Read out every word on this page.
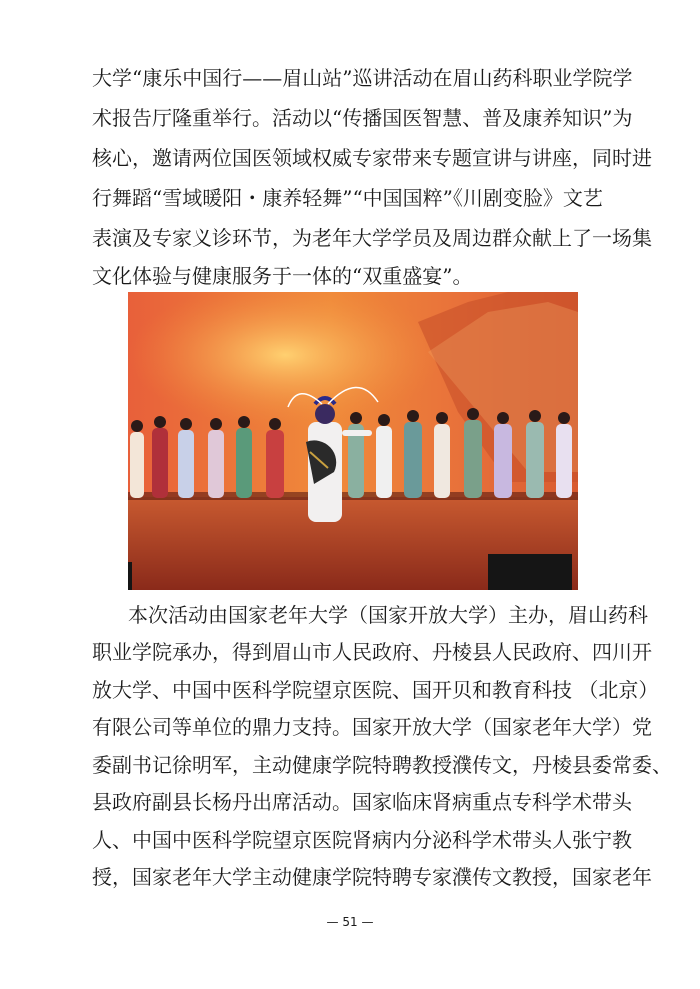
大学“康乐中国行——眉山站”巡讲活动在眉山药科职业学院学
术报告厅隆重举行。活动以“传播国医智慧、普及康养知识”为
核心，邀请两位国医领域权威专家带来专题宣讲与讲座，同时进
行舞蹈“雪域暖阳・康养轻舞”“中国国粹”《川剧变脸》文艺
表演及专家义诊环节，为老年大学学员及周边群众献上了一场集
文化体验与健康服务于一体的“双重盛宴”。
本次活动由国家老年大学（国家开放大学）主办，眉山药科
职业学院承办，得到眉山市人民政府、丹棱县人民政府、四川开
放大学、中国中医科学院望京医院、国开贝和教育科技 （北京）
有限公司等单位的鼎力支持。国家开放大学（国家老年大学）党
委副书记徐明军，主动健康学院特聘教授濮传文，丹棱县委常委、
县政府副县长杨丹出席活动。国家临床肾病重点专科学术带头
人、中国中医科学院望京医院肾病内分泌科学术带头人张宁教
授，国家老年大学主动健康学院特聘专家濮传文教授，国家老年
— 51 —
